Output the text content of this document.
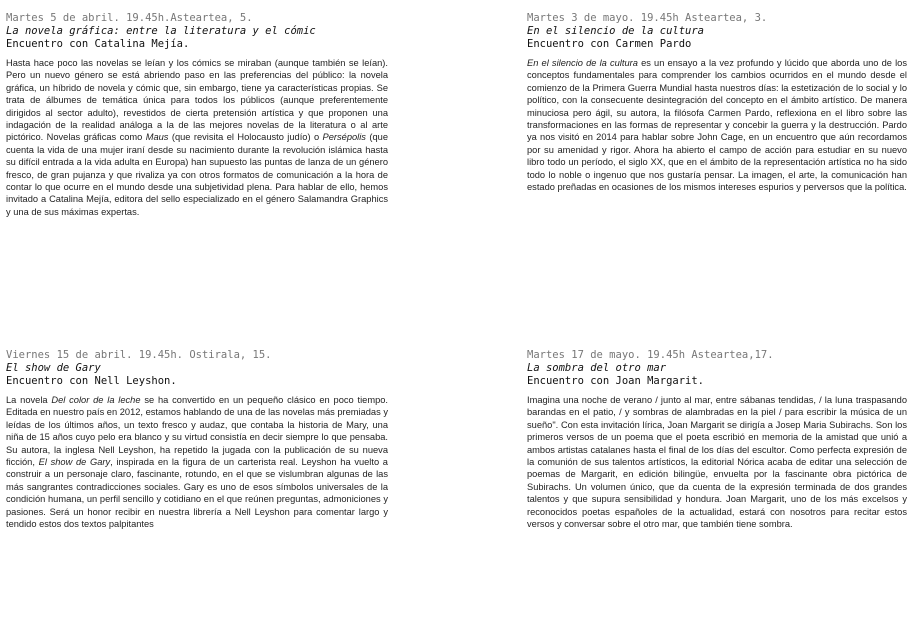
Martes 5 de abril. 19.45h.Asteartea, 5.
La novela gráfica: entre la literatura y el cómic
Encuentro con Catalina Mejía.

Hasta hace poco las novelas se leían y los cómics se miraban (aunque también se leían). Pero un nuevo género se está abriendo paso en las preferencias del público: la novela gráfica, un híbrido de novela y cómic que, sin embargo, tiene ya características propias. Se trata de álbumes de temática única para todos los públicos (aunque preferentemente dirigidos al sector adulto), revestidos de cierta pretensión artística y que proponen una indagación de la realidad análoga a la de las mejores novelas de la literatura o al arte pictórico. Novelas gráficas como Maus (que revisita el Holocausto judío) o Persépolis (que cuenta la vida de una mujer iraní desde su nacimiento durante la revolución islámica hasta su difícil entrada a la vida adulta en Europa) han supuesto las puntas de lanza de un género fresco, de gran pujanza y que rivaliza ya con otros formatos de comunicación a la hora de contar lo que ocurre en el mundo desde una subjetividad plena. Para hablar de ello, hemos invitado a Catalina Mejía, editora del sello especializado en el género Salamandra Graphics y una de sus máximas expertas.

Martes 3 de mayo. 19.45h Asteartea, 3.
En el silencio de la cultura
Encuentro con Carmen Pardo

En el silencio de la cultura es un ensayo a la vez profundo y lúcido que aborda uno de los conceptos fundamentales para comprender los cambios ocurridos en el mundo desde el comienzo de la Primera Guerra Mundial hasta nuestros días: la estetización de lo social y lo político, con la consecuente desintegración del concepto en el ámbito artístico. De manera minuciosa pero ágil, su autora, la filósofa Carmen Pardo, reflexiona en el libro sobre las transformaciones en las formas de representar y concebir la guerra y la destrucción. Pardo ya nos visitó en 2014 para hablar sobre John Cage, en un encuentro que aún recordamos por su amenidad y rigor. Ahora ha abierto el campo de acción para estudiar en su nuevo libro todo un período, el siglo XX, que en el ámbito de la representación artística no ha sido todo lo noble o ingenuo que nos gustaría pensar. La imagen, el arte, la comunicación han estado preñadas en ocasiones de los mismos intereses espurios y perversos que la política.

Viernes 15 de abril. 19.45h. Ostirala, 15.
El show de Gary
Encuentro con Nell Leyshon.

La novela Del color de la leche se ha convertido en un pequeño clásico en poco tiempo. Editada en nuestro país en 2012, estamos hablando de una de las novelas más premiadas y leídas de los últimos años, un texto fresco y audaz, que contaba la historia de Mary, una niña de 15 años cuyo pelo era blanco y su virtud consistía en decir siempre lo que pensaba. Su autora, la inglesa Nell Leyshon, ha repetido la jugada con la publicación de su nueva ficción, El show de Gary, inspirada en la figura de un carterista real. Leyshon ha vuelto a construir a un personaje claro, fascinante, rotundo, en el que se vislumbran algunas de las más sangrantes contradicciones sociales. Gary es uno de esos símbolos universales de la condición humana, un perfil sencillo y cotidiano en el que reúnen preguntas, admoniciones y pasiones. Será un honor recibir en nuestra librería a Nell Leyshon para comentar largo y tendido estos dos textos palpitantes

Martes 17 de mayo. 19.45h Asteartea,17.
La sombra del otro mar
Encuentro con Joan Margarit.

Imagina una noche de verano / junto al mar, entre sábanas tendidas, / la luna traspasando barandas en el patio, / y sombras de alambradas en la piel / para escribir la música de un sueño". Con esta invitación lírica, Joan Margarit se dirigía a Josep Maria Subirachs. Son los primeros versos de un poema que el poeta escribió en memoria de la amistad que unió a ambos artistas catalanes hasta el final de los días del escultor. Como perfecta expresión de la comunión de sus talentos artísticos, la editorial Nórica acaba de editar una selección de poemas de Margarit, en edición bilingüe, envuelta por la fascinante obra pictórica de Subirachs. Un volumen único, que da cuenta de la expresión terminada de dos grandes talentos y que supura sensibilidad y hondura. Joan Margarit, uno de los más excelsos y reconocidos poetas españoles de la actualidad, estará con nosotros para recitar estos versos y conversar sobre el otro mar, que también tiene sombra.
